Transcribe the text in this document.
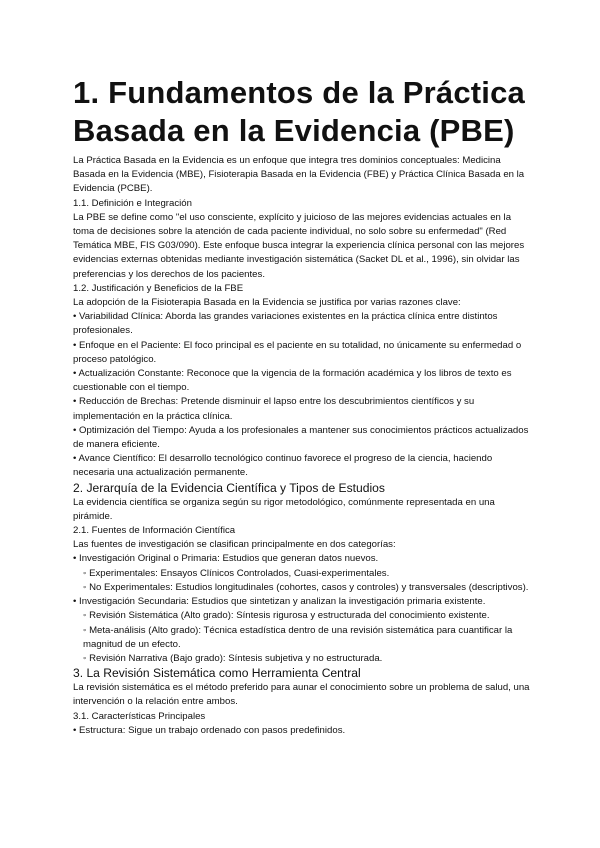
1. Fundamentos de la Práctica
Basada en la Evidencia (PBE)

La Práctica Basada en la Evidencia es un enfoque que integra tres dominios conceptuales: Medicina Basada en la Evidencia (MBE), Fisioterapia Basada en la Evidencia (FBE) y Práctica Clínica Basada en la Evidencia (PCBE).

1.1. Definición e Integración

La PBE se define como "el uso consciente, explícito y juicioso de las mejores evidencias actuales en la toma de decisiones sobre la atención de cada paciente individual, no solo sobre su enfermedad" (Red Temática MBE, FIS G03/090). Este enfoque busca integrar la experiencia clínica personal con las mejores evidencias externas obtenidas mediante investigación sistemática (Sacket DL et al., 1996), sin olvidar las preferencias y los derechos de los pacientes.

1.2. Justificación y Beneficios de la FBE

La adopción de la Fisioterapia Basada en la Evidencia se justifica por varias razones clave:

• Variabilidad Clínica: Aborda las grandes variaciones existentes en la práctica clínica entre distintos profesionales.

• Enfoque en el Paciente: El foco principal es el paciente en su totalidad, no únicamente su enfermedad o proceso patológico.

• Actualización Constante: Reconoce que la vigencia de la formación académica y los libros de texto es cuestionable con el tiempo.

• Reducción de Brechas: Pretende disminuir el lapso entre los descubrimientos científicos y su implementación en la práctica clínica.

• Optimización del Tiempo: Ayuda a los profesionales a mantener sus conocimientos prácticos actualizados de manera eficiente.

• Avance Científico: El desarrollo tecnológico continuo favorece el progreso de la ciencia, haciendo necesaria una actualización permanente.

2. Jerarquía de la Evidencia Científica y Tipos de Estudios

La evidencia científica se organiza según su rigor metodológico, comúnmente representada en una pirámide.

2.1. Fuentes de Información Científica

Las fuentes de investigación se clasifican principalmente en dos categorías:

• Investigación Original o Primaria: Estudios que generan datos nuevos.

◦ Experimentales: Ensayos Clínicos Controlados, Cuasi-experimentales.

◦ No Experimentales: Estudios longitudinales (cohortes, casos y controles) y transversales (descriptivos).

• Investigación Secundaria: Estudios que sintetizan y analizan la investigación primaria existente.

◦ Revisión Sistemática (Alto grado): Síntesis rigurosa y estructurada del conocimiento existente.

◦ Meta-análisis (Alto grado): Técnica estadística dentro de una revisión sistemática para cuantificar la magnitud de un efecto.

◦ Revisión Narrativa (Bajo grado): Síntesis subjetiva y no estructurada.

3. La Revisión Sistemática como Herramienta Central

La revisión sistemática es el método preferido para aunar el conocimiento sobre un problema de salud, una intervención o la relación entre ambos.

3.1. Características Principales

• Estructura: Sigue un trabajo ordenado con pasos predefinidos.
